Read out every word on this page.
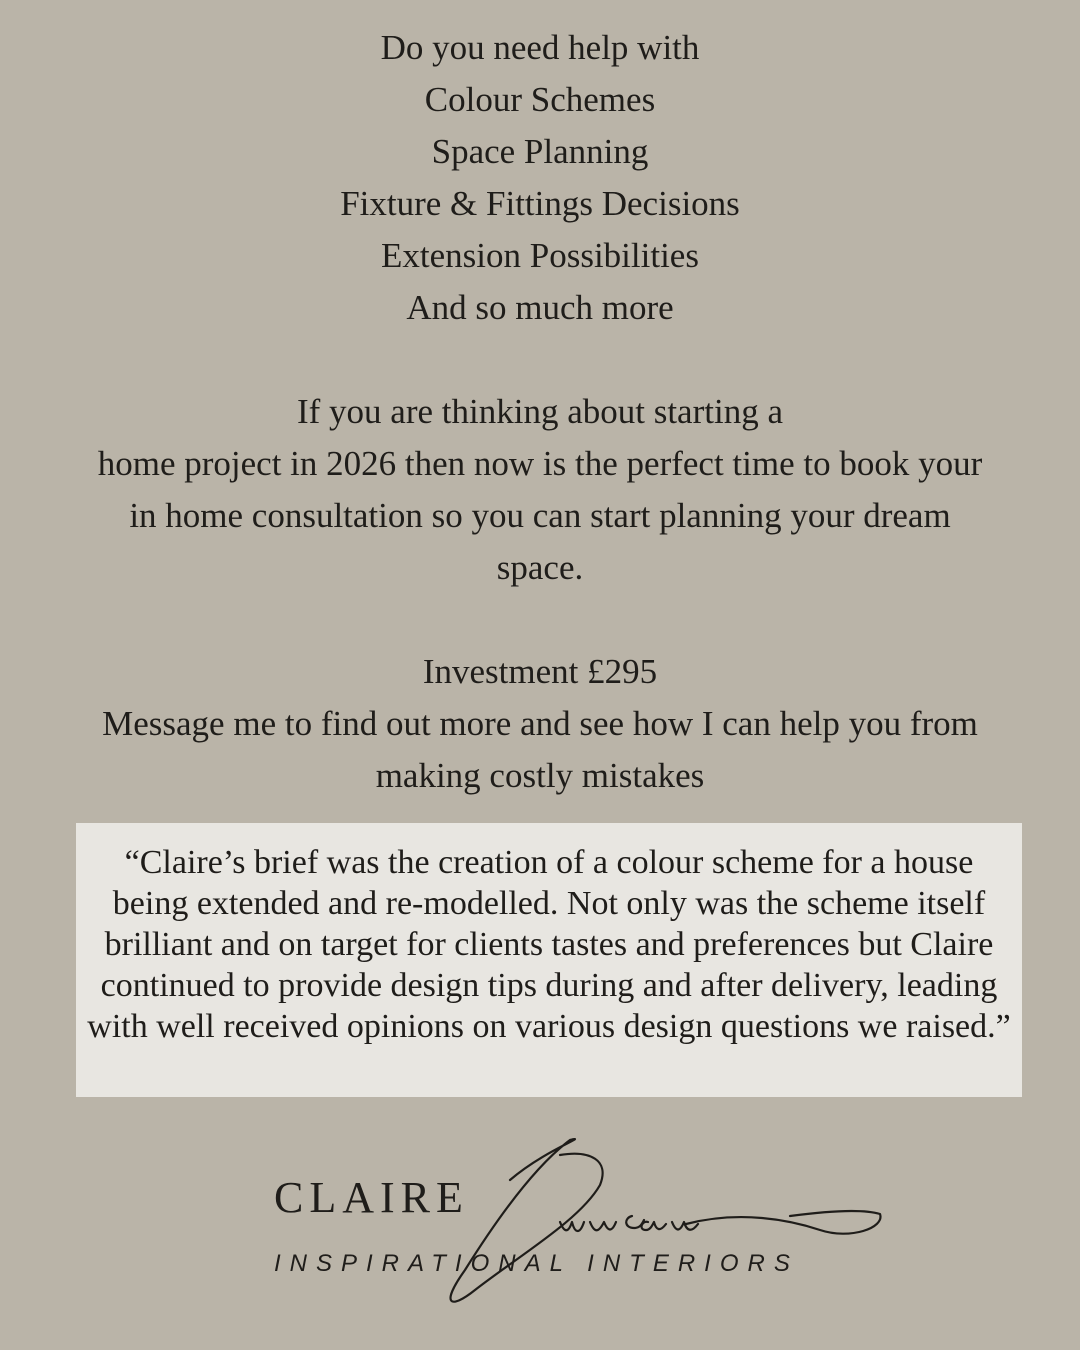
Do you need help with
Colour Schemes
Space Planning
Fixture & Fittings Decisions
Extension Possibilities
And so much more
If you are thinking about starting a
home project in 2026 then now is the perfect time to book your
in home consultation so you can start planning your dream
space.
Investment £295
Message me to find out more and see how I can help you from
making costly mistakes
“Claire’s brief was the creation of a colour scheme for a house being extended and re-modelled. Not only was the scheme itself brilliant and on target for clients tastes and preferences but Claire continued to provide design tips during and after delivery, leading with well received opinions on various design questions we raised.”
CLAIRE
INSPIRATIONAL INTERIORS
